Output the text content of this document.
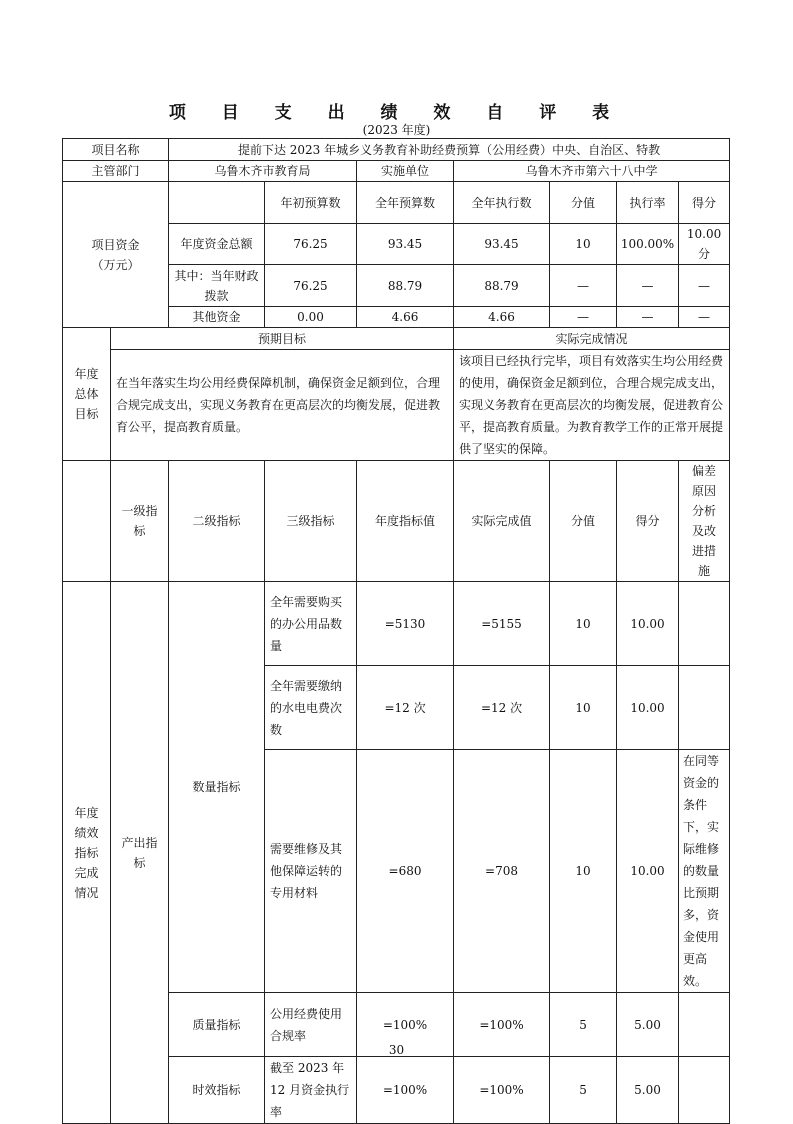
项 目 支 出 绩 效 自 评 表
(2023 年度)
项目名称		提前下达 2023 年城乡义务教育补助经费预算（公用经费）中央、自治区、特教						
主管部门		乌鲁木齐市教育局		实施单位	乌鲁木齐市第六十八中学			
项目资金
（万元）			年初预算数	全年预算数	全年执行数	分值	执行率	得分
		年度资金总额	76.25	93.45	93.45	10	100.00%	10.00 分
		其中：当年财政拨款	76.25	88.79	88.79	—	—	—
		其他资金	0.00	4.66	4.66	—	—	—
年度总体目标	预期目标				实际完成情况			
	在当年落实生均公用经费保障机制，确保资金足额到位，合理合规完成支出，实现义务教育在更高层次的均衡发展，促进教育公平，提高教育质量。				该项目已经执行完毕，项目有效落实生均公用经费的使用，确保资金足额到位，合理合规完成支出，实现义务教育在更高层次的均衡发展，促进教育公平，提高教育质量。为教育教学工作的正常开展提供了坚实的保障。			
	一级指标	二级指标	三级指标	年度指标值	实际完成值	分值	得分	偏差原因分析及改进措施
年度绩效指标完成情况	产出指标	数量指标	全年需要购买的办公用品数量	=5130	=5155	10	10.00	
			全年需要缴纳的水电电费次数	=12 次	=12 次	10	10.00	
			需要维修及其他保障运转的专用材料	=680	=708	10	10.00	在同等资金的条件下，实际维修的数量比预期多，资金使用更高效。
		质量指标	公用经费使用合规率	=100%	=100%	5	5.00	
		时效指标	截至 2023 年 12 月资金执行率	=100%	=100%	5	5.00	
30
